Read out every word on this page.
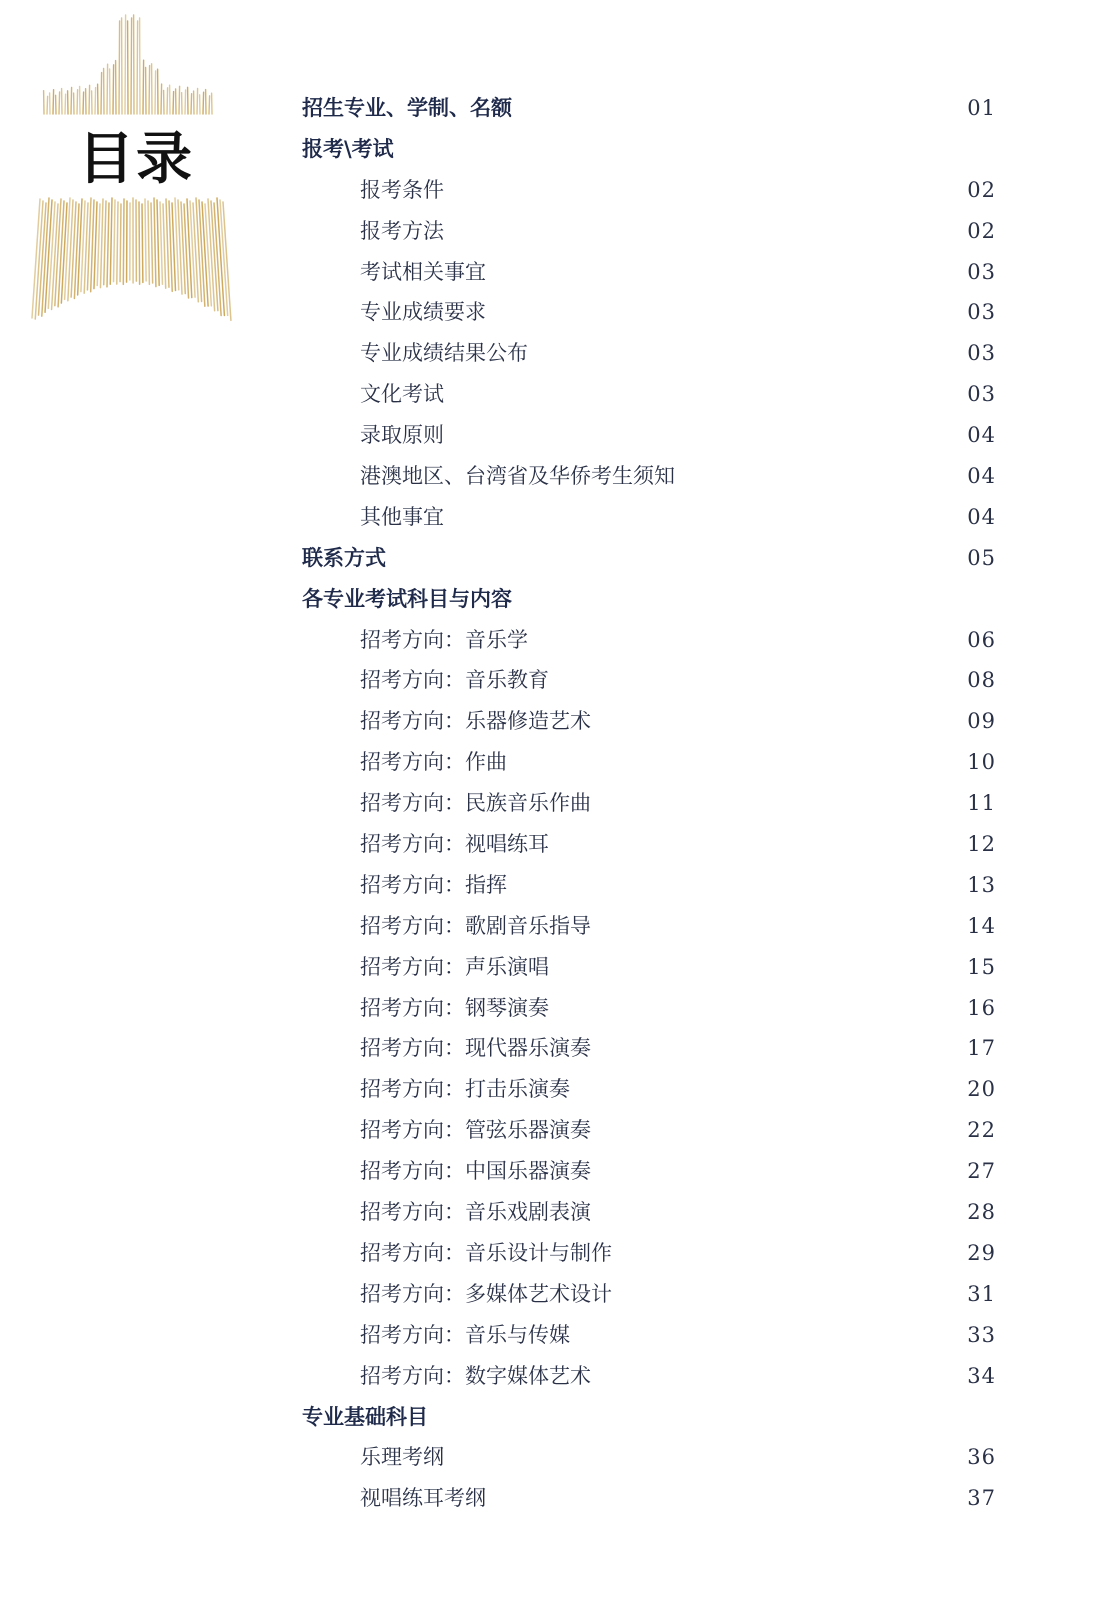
目录
招生专业、学制、名额	01
报考\考试
报考条件	02
报考方法	02
考试相关事宜	03
专业成绩要求	03
专业成绩结果公布	03
文化考试	03
录取原则	04
港澳地区、台湾省及华侨考生须知	04
其他事宜	04
联系方式	05
各专业考试科目与内容
招考方向：音乐学	06
招考方向：音乐教育	08
招考方向：乐器修造艺术	09
招考方向：作曲	10
招考方向：民族音乐作曲	11
招考方向：视唱练耳	12
招考方向：指挥	13
招考方向：歌剧音乐指导	14
招考方向：声乐演唱	15
招考方向：钢琴演奏	16
招考方向：现代器乐演奏	17
招考方向：打击乐演奏	20
招考方向：管弦乐器演奏	22
招考方向：中国乐器演奏	27
招考方向：音乐戏剧表演	28
招考方向：音乐设计与制作	29
招考方向：多媒体艺术设计	31
招考方向：音乐与传媒	33
招考方向：数字媒体艺术	34
专业基础科目
乐理考纲	36
视唱练耳考纲	37
